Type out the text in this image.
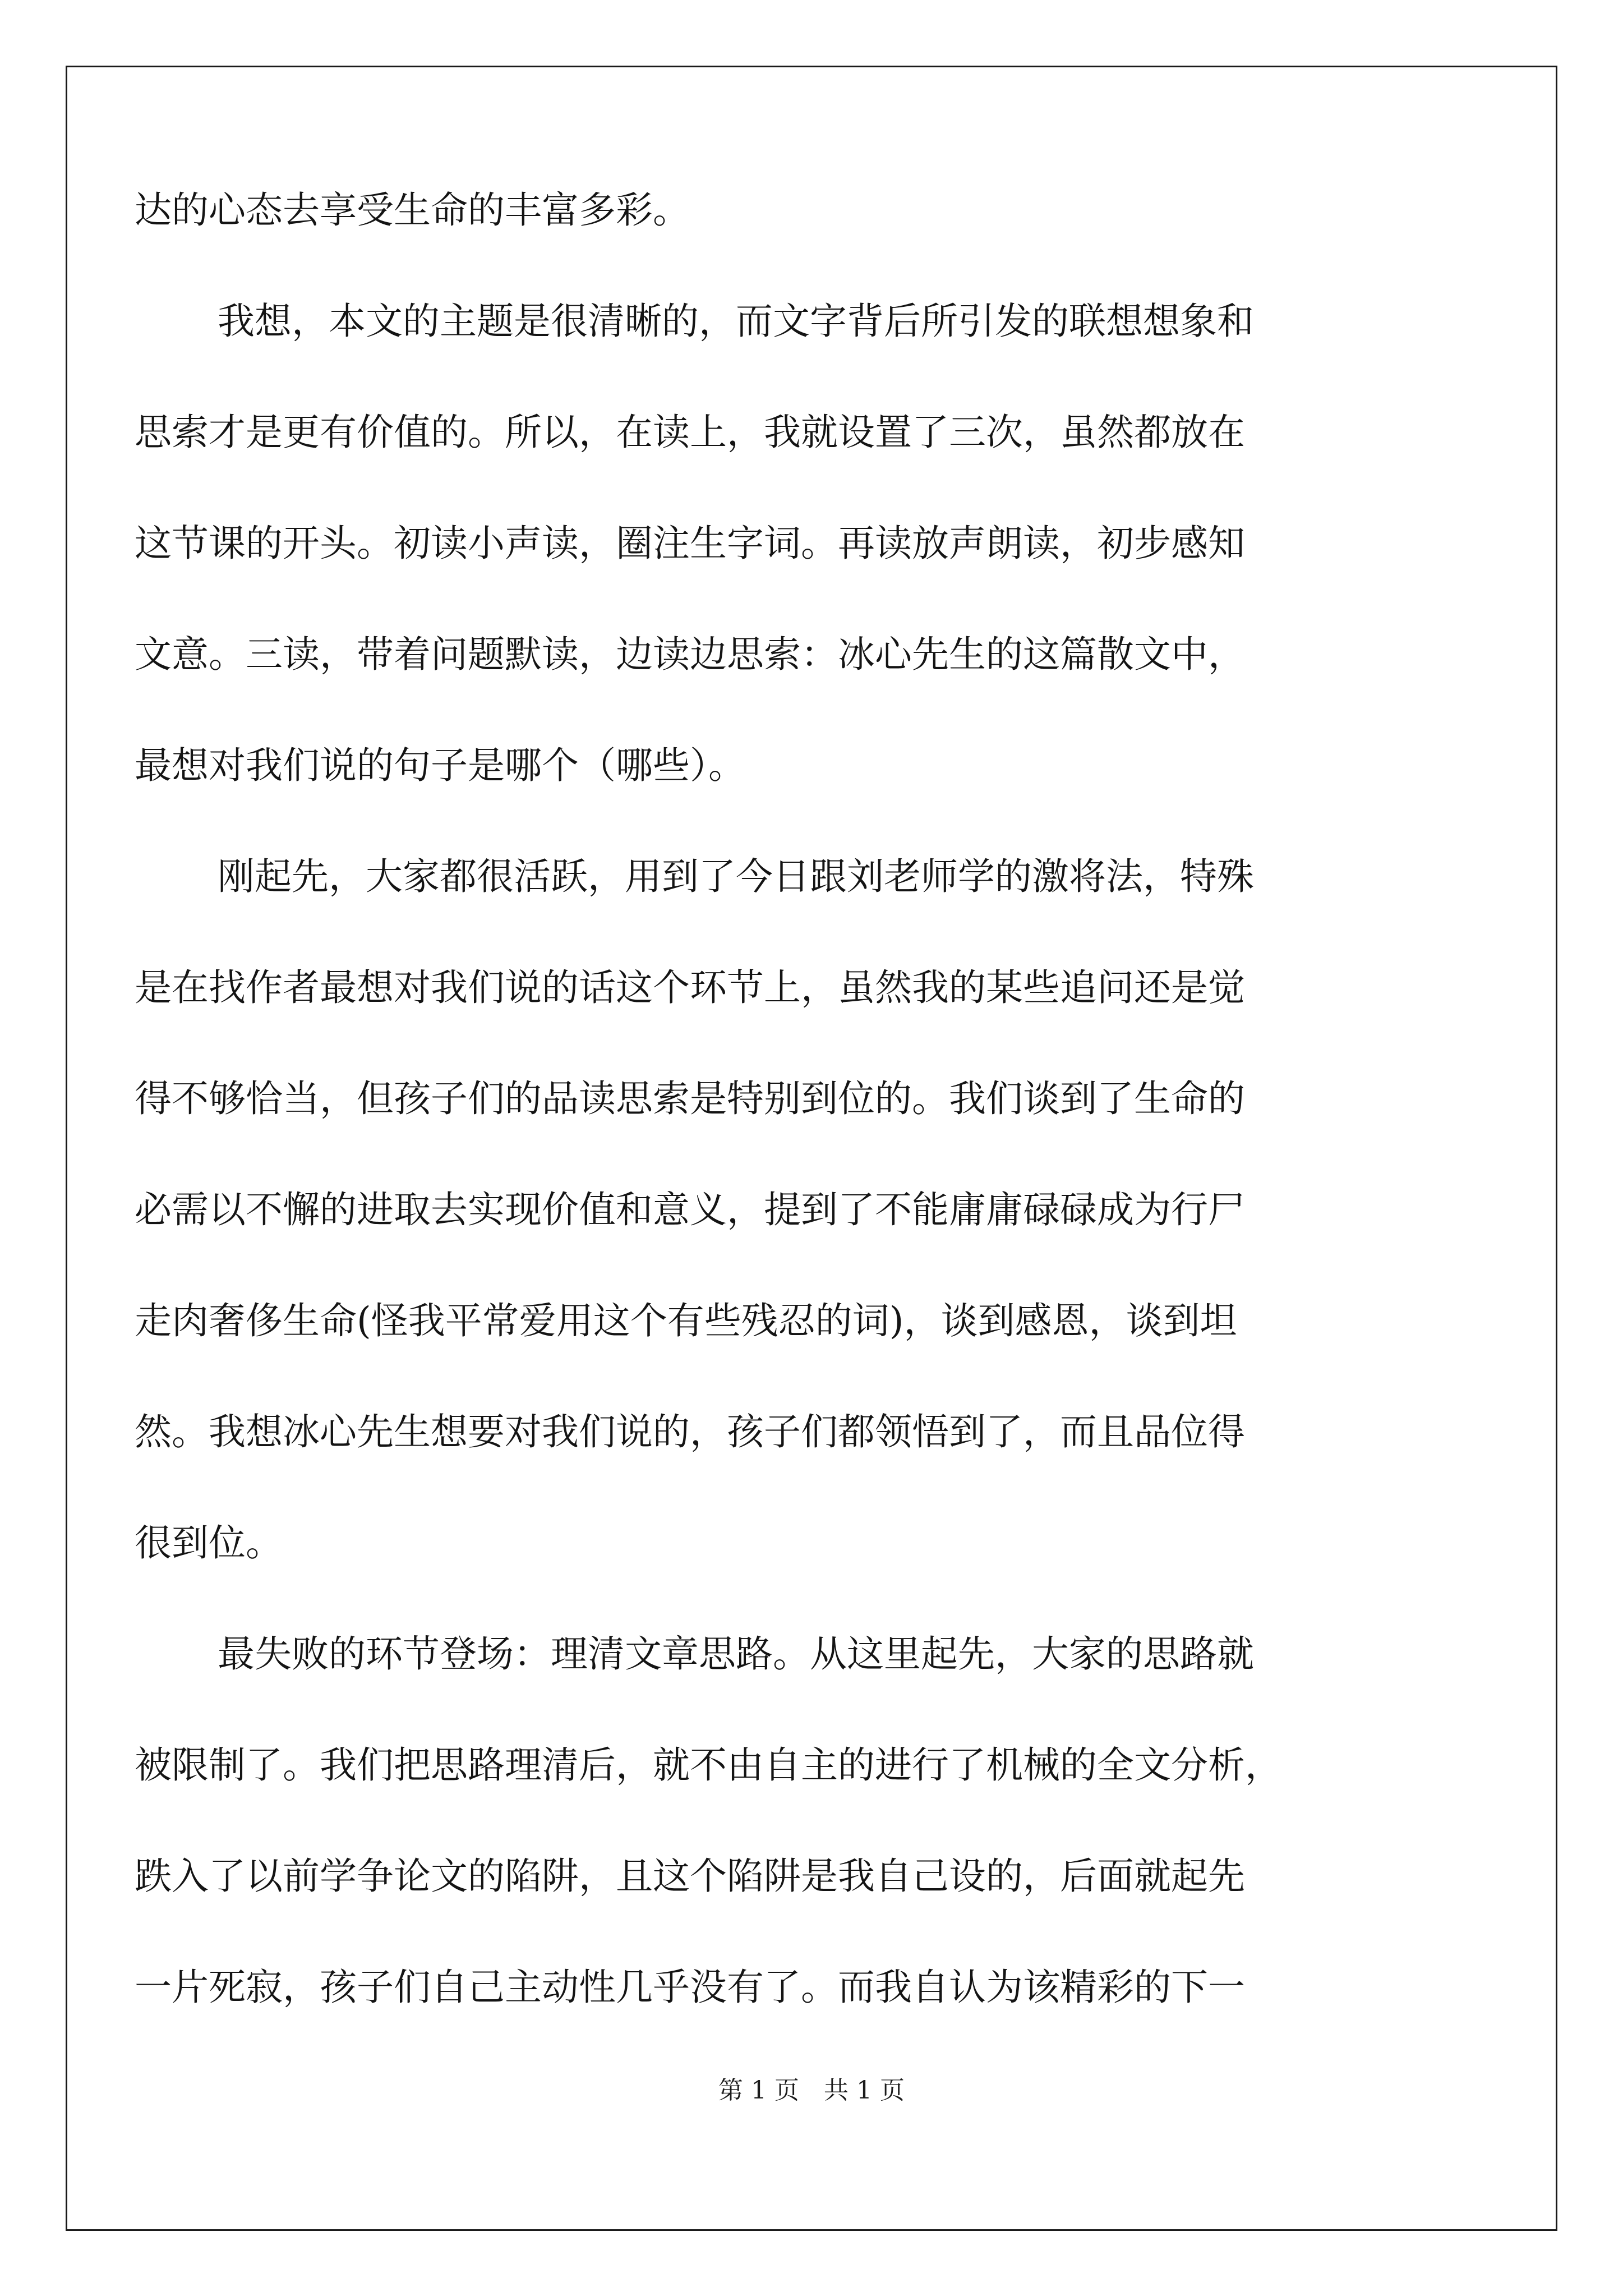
达的心态去享受生命的丰富多彩。
我想，本文的主题是很清晰的，而文字背后所引发的联想想象和
思索才是更有价值的。所以，在读上，我就设置了三次，虽然都放在
这节课的开头。初读小声读，圈注生字词。再读放声朗读，初步感知
文意。三读，带着问题默读，边读边思索：冰心先生的这篇散文中，
最想对我们说的句子是哪个（哪些）。
刚起先，大家都很活跃，用到了今日跟刘老师学的激将法，特殊
是在找作者最想对我们说的话这个环节上，虽然我的某些追问还是觉
得不够恰当，但孩子们的品读思索是特别到位的。我们谈到了生命的
必需以不懈的进取去实现价值和意义，提到了不能庸庸碌碌成为行尸
走肉奢侈生命(怪我平常爱用这个有些残忍的词)，谈到感恩，谈到坦
然。我想冰心先生想要对我们说的，孩子们都领悟到了，而且品位得
很到位。
最失败的环节登场：理清文章思路。从这里起先，大家的思路就
被限制了。我们把思路理清后，就不由自主的进行了机械的全文分析，
跌入了以前学争论文的陷阱，且这个陷阱是我自己设的，后面就起先
一片死寂，孩子们自己主动性几乎没有了。而我自认为该精彩的下一
第 1 页　共 1 页
